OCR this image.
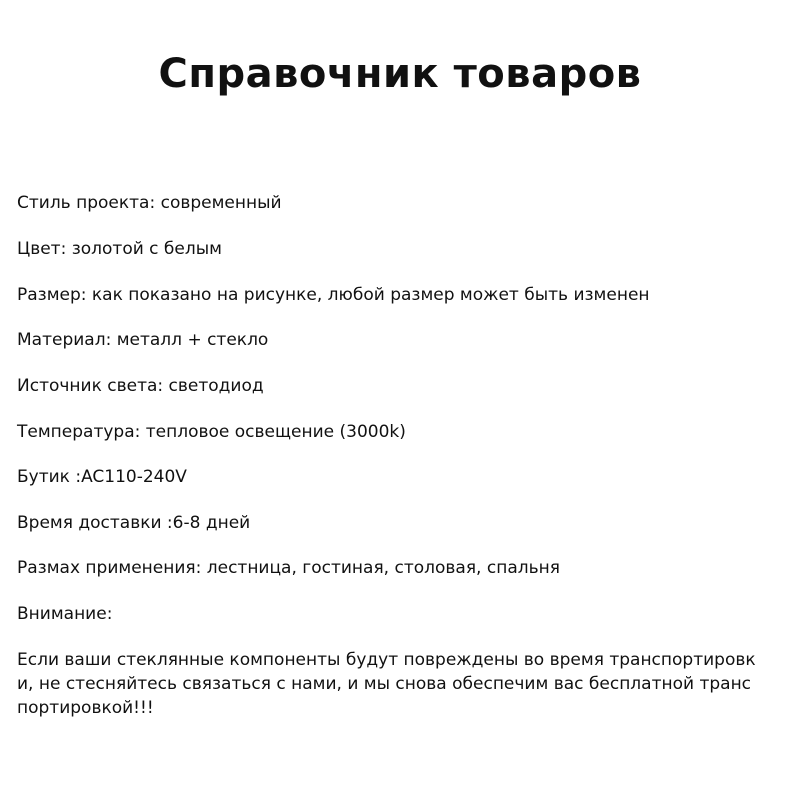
Справочник товаров
Стиль проекта: современный
Цвет: золотой с белым
Размер: как показано на рисунке, любой размер может быть изменен
Материал: металл + стекло
Источник света: светодиод
Температура: тепловое освещение (3000k)
Бутик :AC110-240V
Время доставки :6-8 дней
Размах применения: лестница, гостиная, столовая, спальня
Внимание:
Если ваши стеклянные компоненты будут повреждены во время транспортировк
и, не стесняйтесь связаться с нами, и мы снова обеспечим вас бесплатной транс
портировкой!!!
